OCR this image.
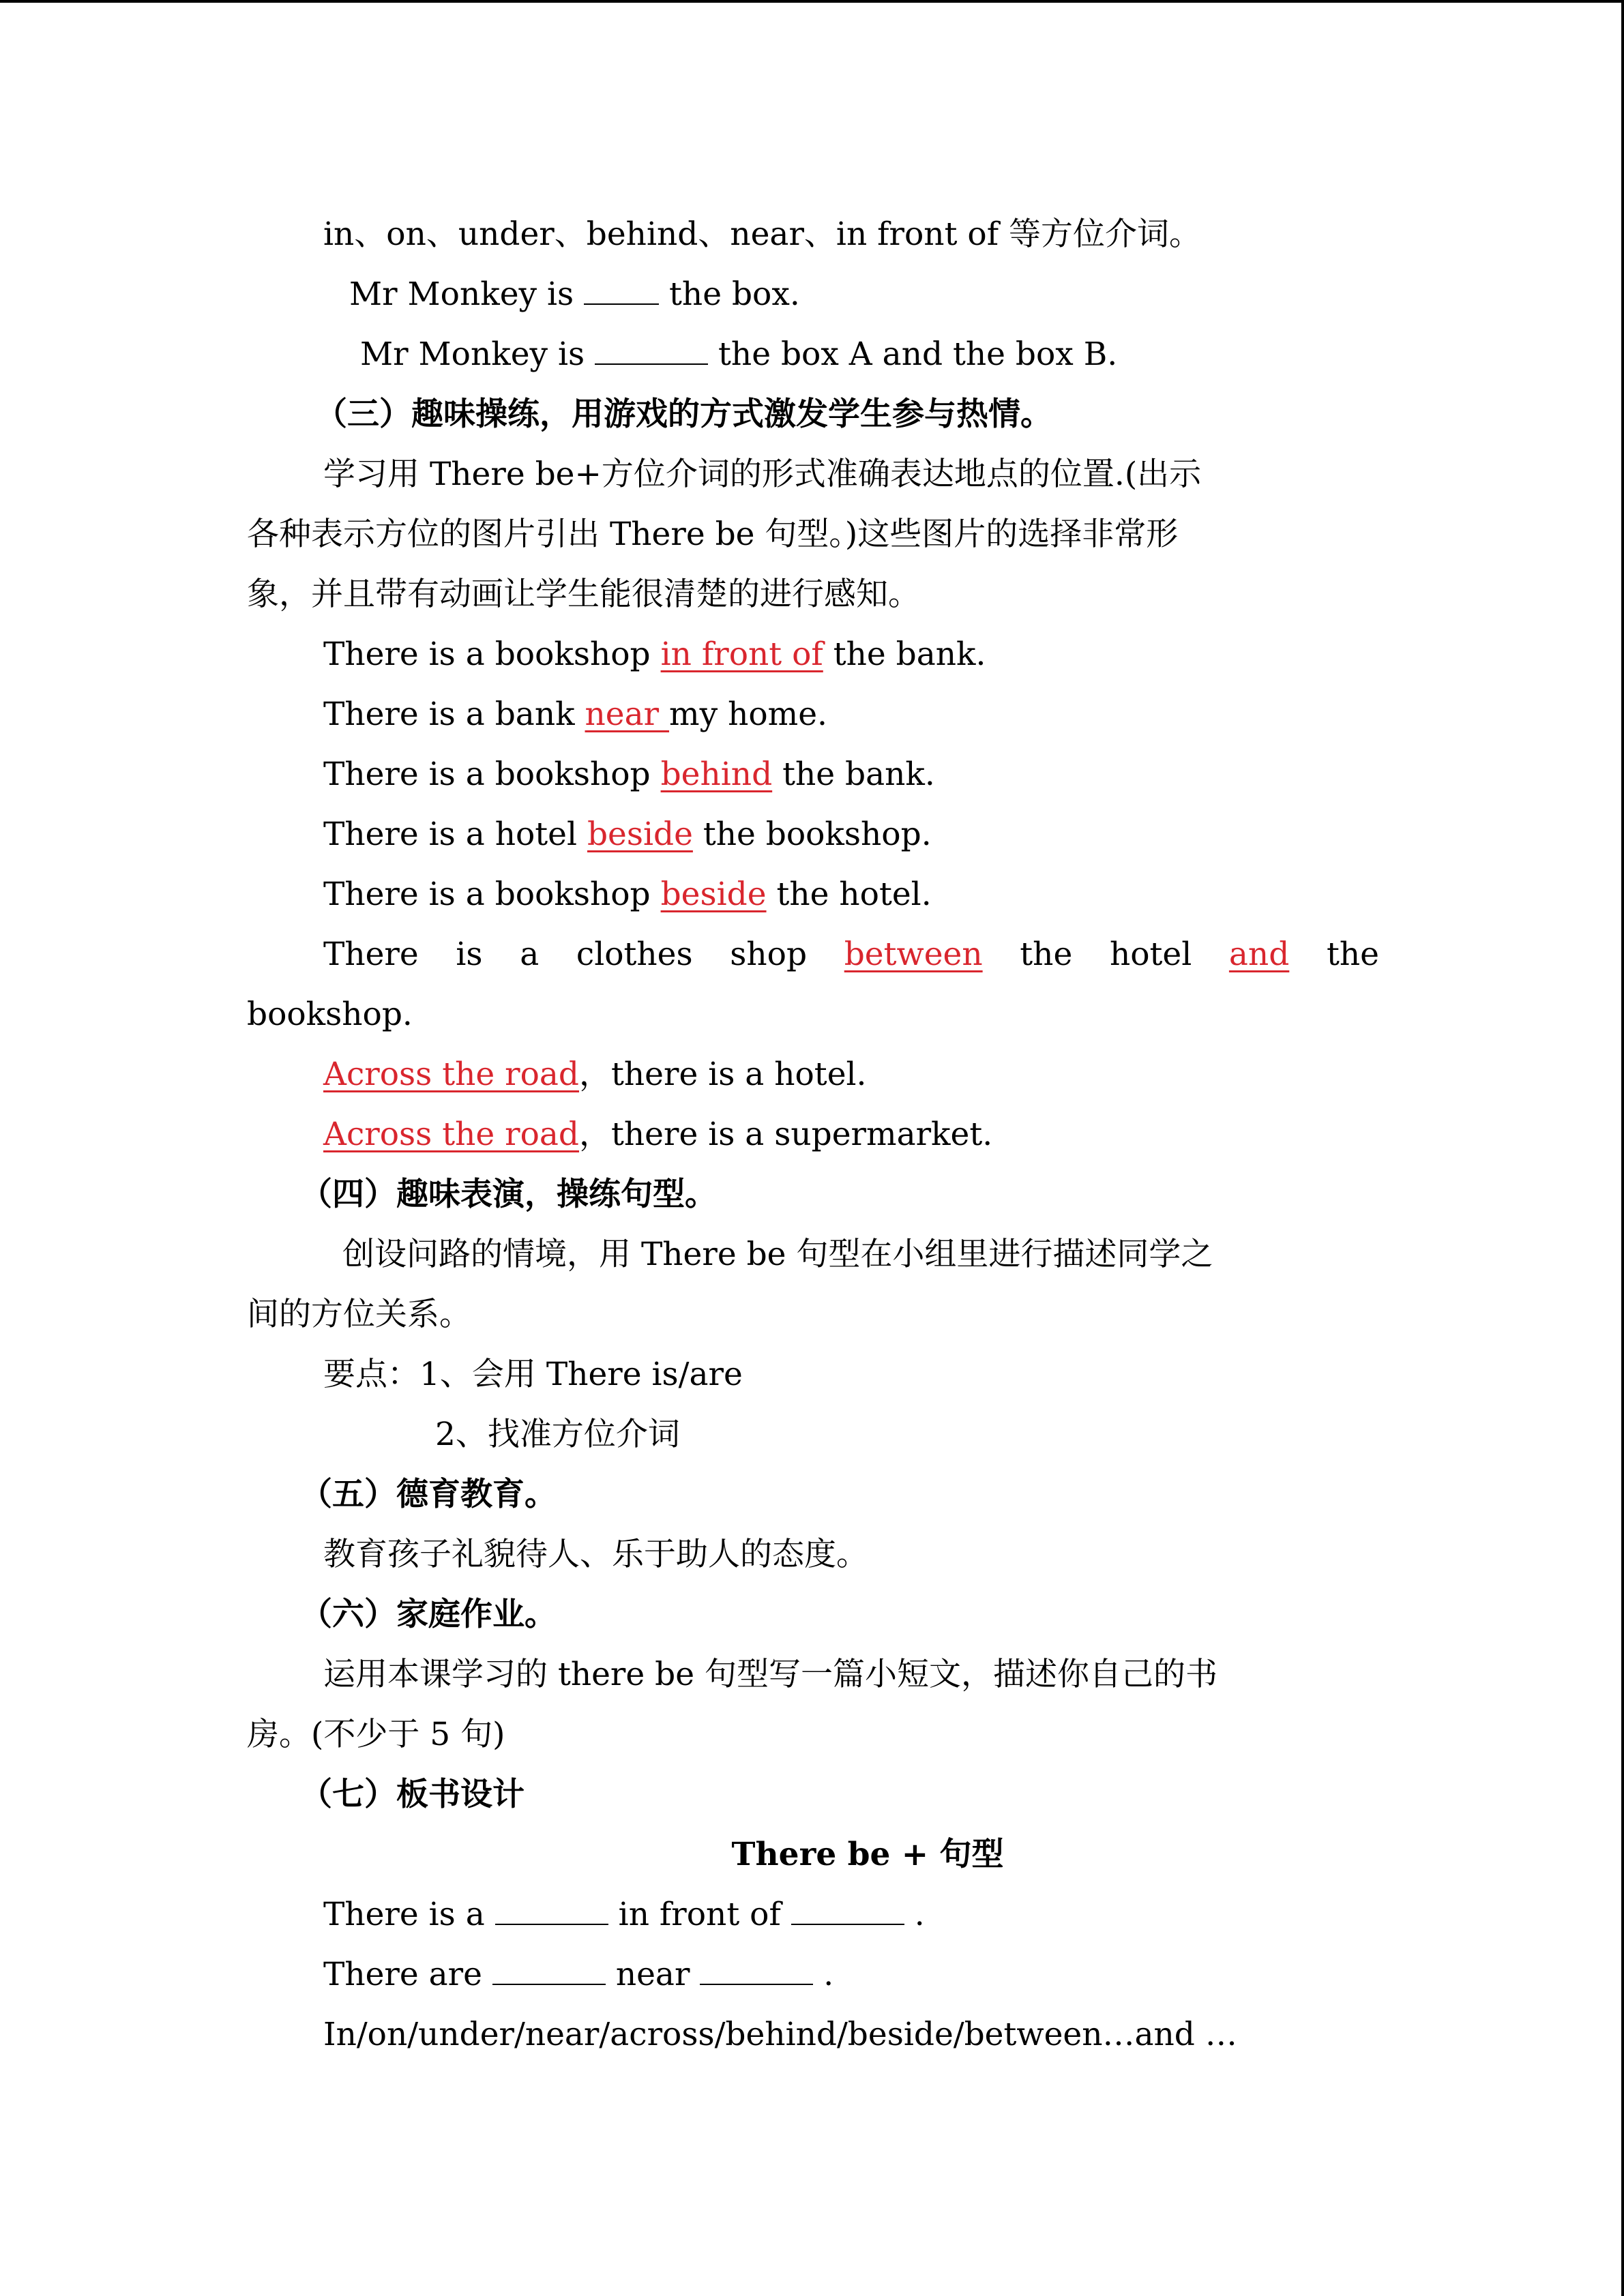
in、on、under、behind、near、in front of 等方位介词。
Mr Monkey is  the box.
Mr Monkey is	the box A and the box B.
（三）趣味操练，用游戏的方式激发学生参与热情。
学习用 There be+方位介词的形式准确表达地点的位置.(出示
各种表示方位的图片引出 There be 句型。)这些图片的选择非常形
象，并且带有动画让学生能很清楚的进行感知。
There is a bookshop in front of the bank.
There is a bank near my home.
There is a bookshop behind the bank.
There is a hotel beside the bookshop.
There is a bookshop beside the hotel.
There is a clothes shop between the hotel and the
bookshop.
Across the road，there is a hotel.
Across the road，there is a supermarket.
（四）趣味表演，操练句型。
创设问路的情境，用 There be 句型在小组里进行描述同学之
间的方位关系。
要点：1、会用 There is/are
2、找准方位介词
（五）德育教育。
教育孩子礼貌待人、乐于助人的态度。
（六）家庭作业。
运用本课学习的 there be 句型写一篇小短文，描述你自己的书
房。(不少于 5 句)
（七）板书设计
There be + 句型
There is a	in front of	.
There are	near	.
In/on/under/near/across/behind/beside/between…and …
